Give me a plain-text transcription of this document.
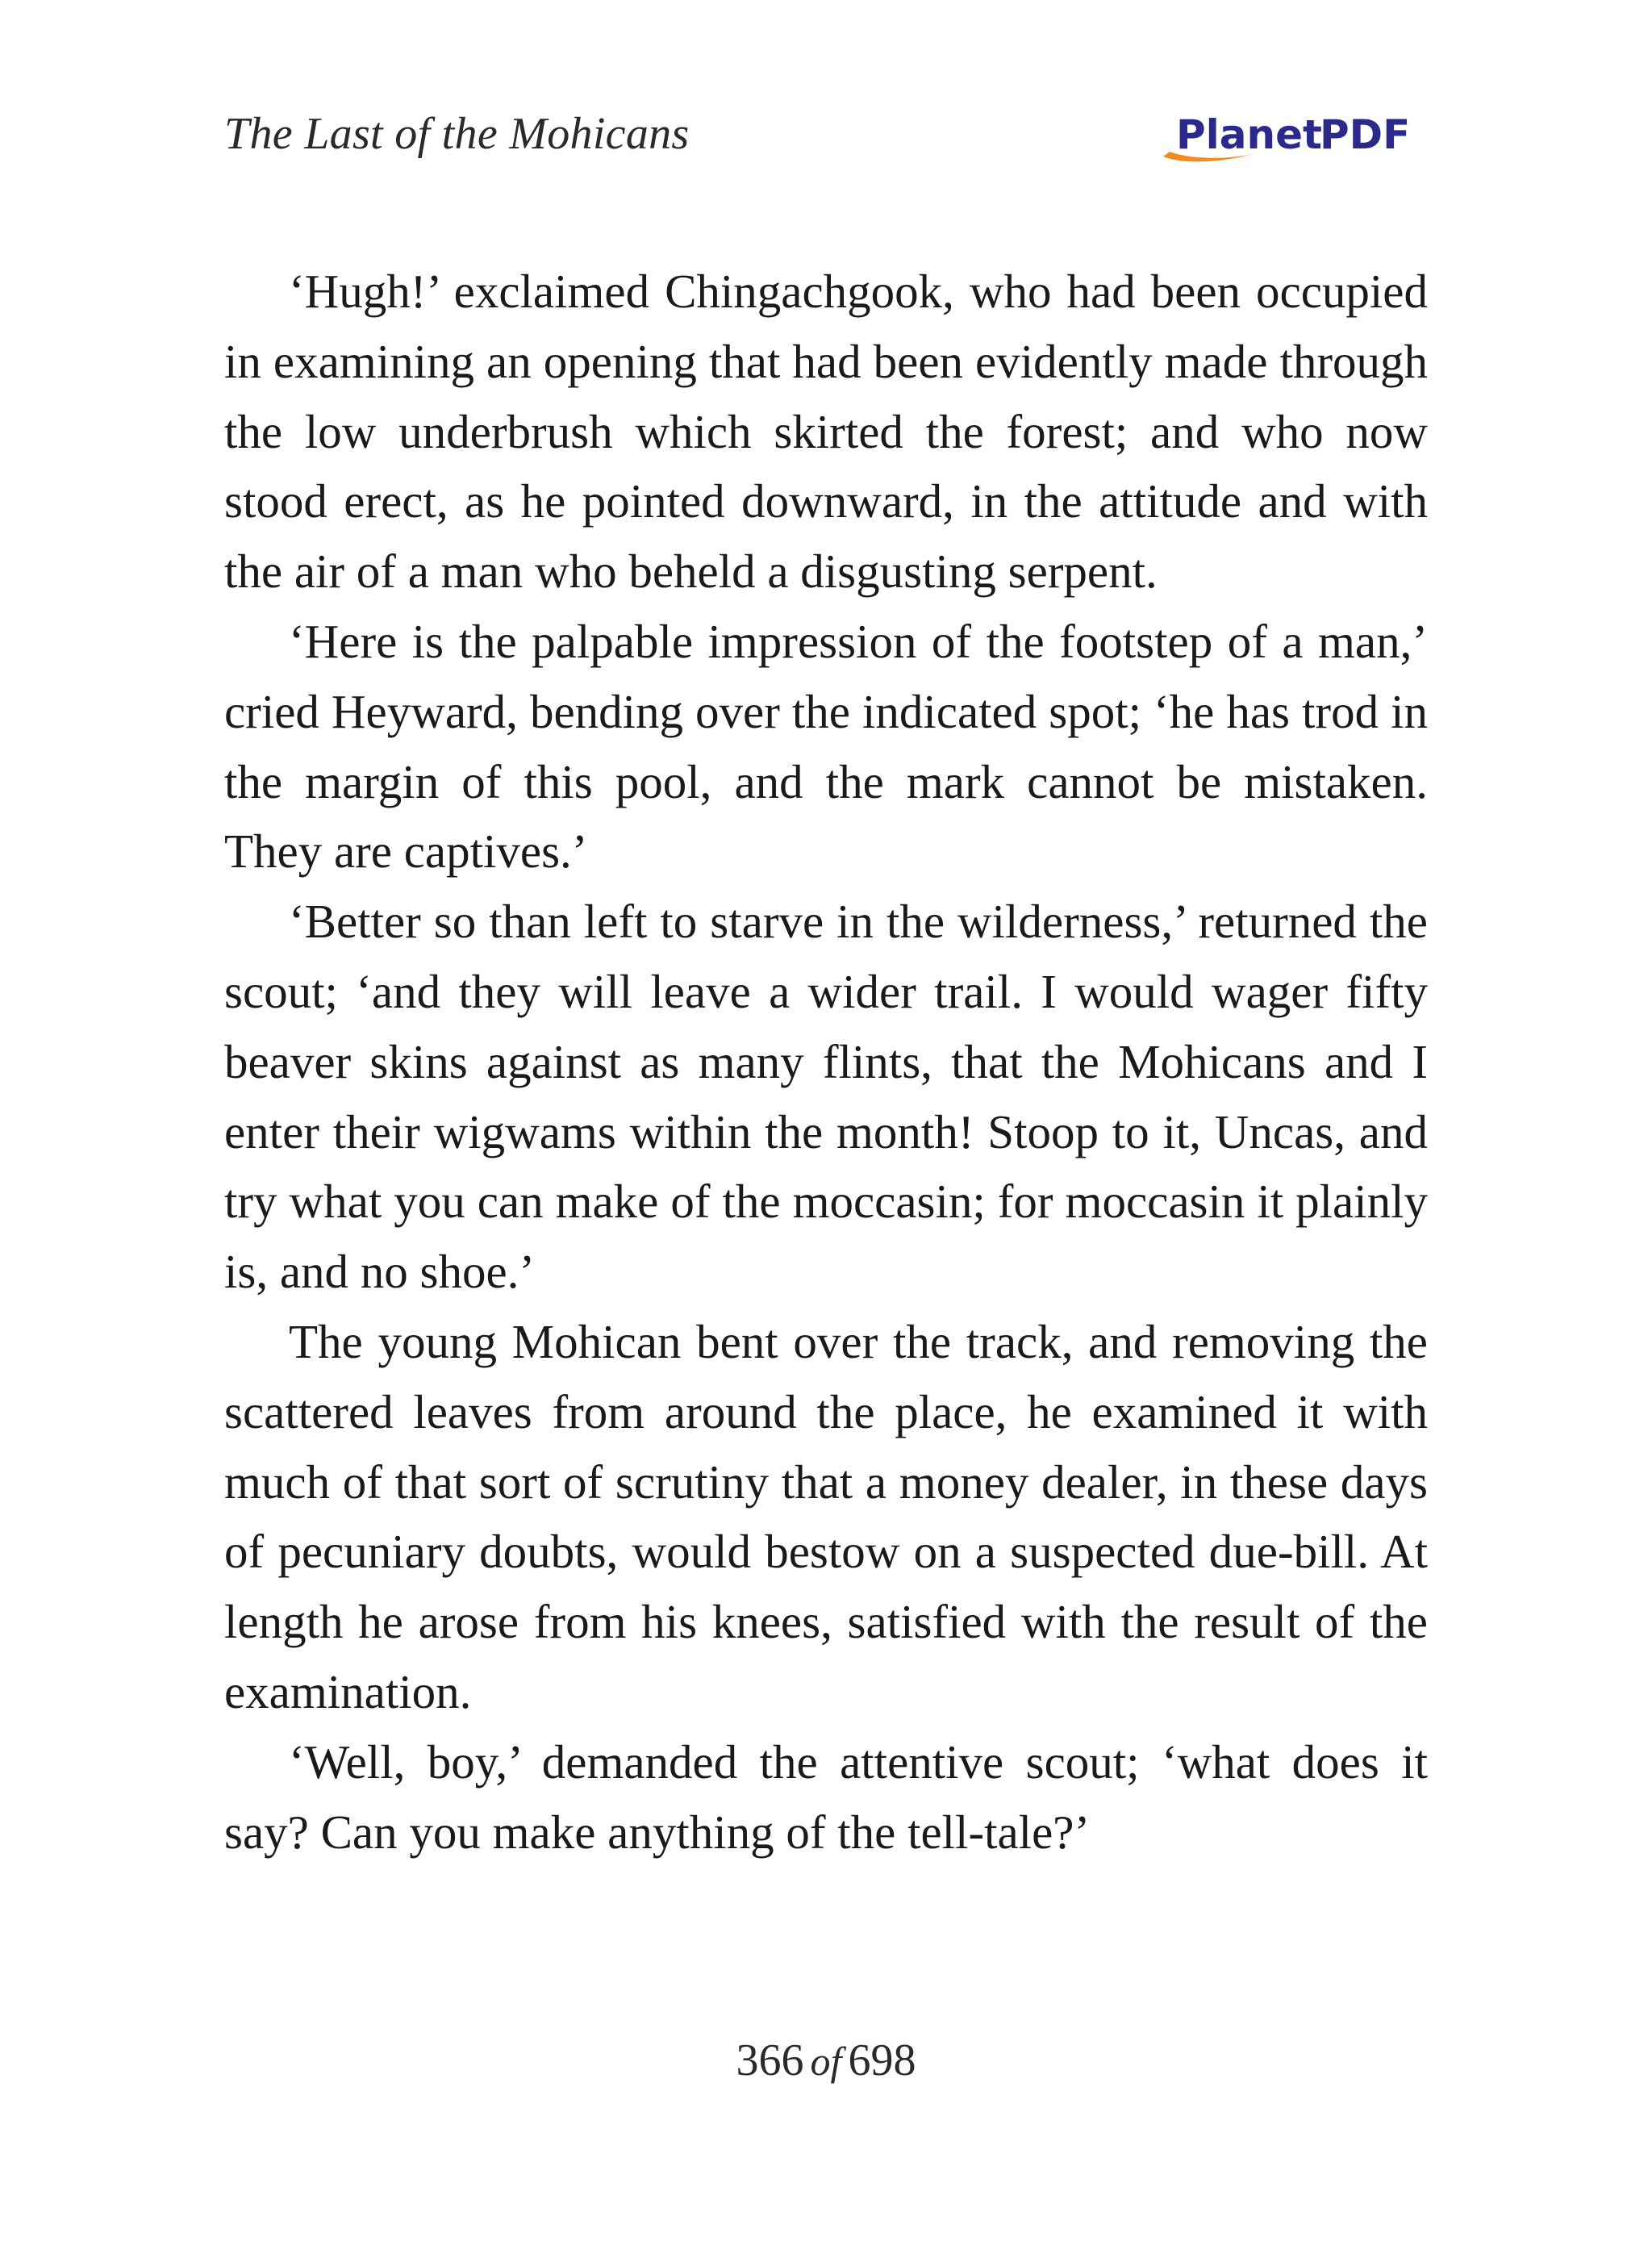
The Last of the Mohicans	Planet
PDF

‘Hugh!’ exclaimed Chingachgook, who had been occupied in examining an opening that had been evidently made through the low underbrush which skirted the forest; and who now stood erect, as he pointed downward, in the attitude and with the air of a man who beheld a disgusting serpent.

‘Here is the palpable impression of the footstep of a man,’ cried Heyward, bending over the indicated spot; ‘he has trod in the margin of this pool, and the mark cannot be mistaken. They are captives.’

‘Better so than left to starve in the wilderness,’ returned the scout; ‘and they will leave a wider trail. I would wager fifty beaver skins against as many flints, that the Mohicans and I enter their wigwams within the month! Stoop to it, Uncas, and try what you can make of the moccasin; for moccasin it plainly is, and no shoe.’

The young Mohican bent over the track, and removing the scattered leaves from around the place, he examined it with much of that sort of scrutiny that a money dealer, in these days of pecuniary doubts, would bestow on a suspected due-bill. At length he arose from his knees, satisfied with the result of the examination.

‘Well, boy,’ demanded the attentive scout; ‘what does it say? Can you make anything of the tell-tale?’

366 of 698
